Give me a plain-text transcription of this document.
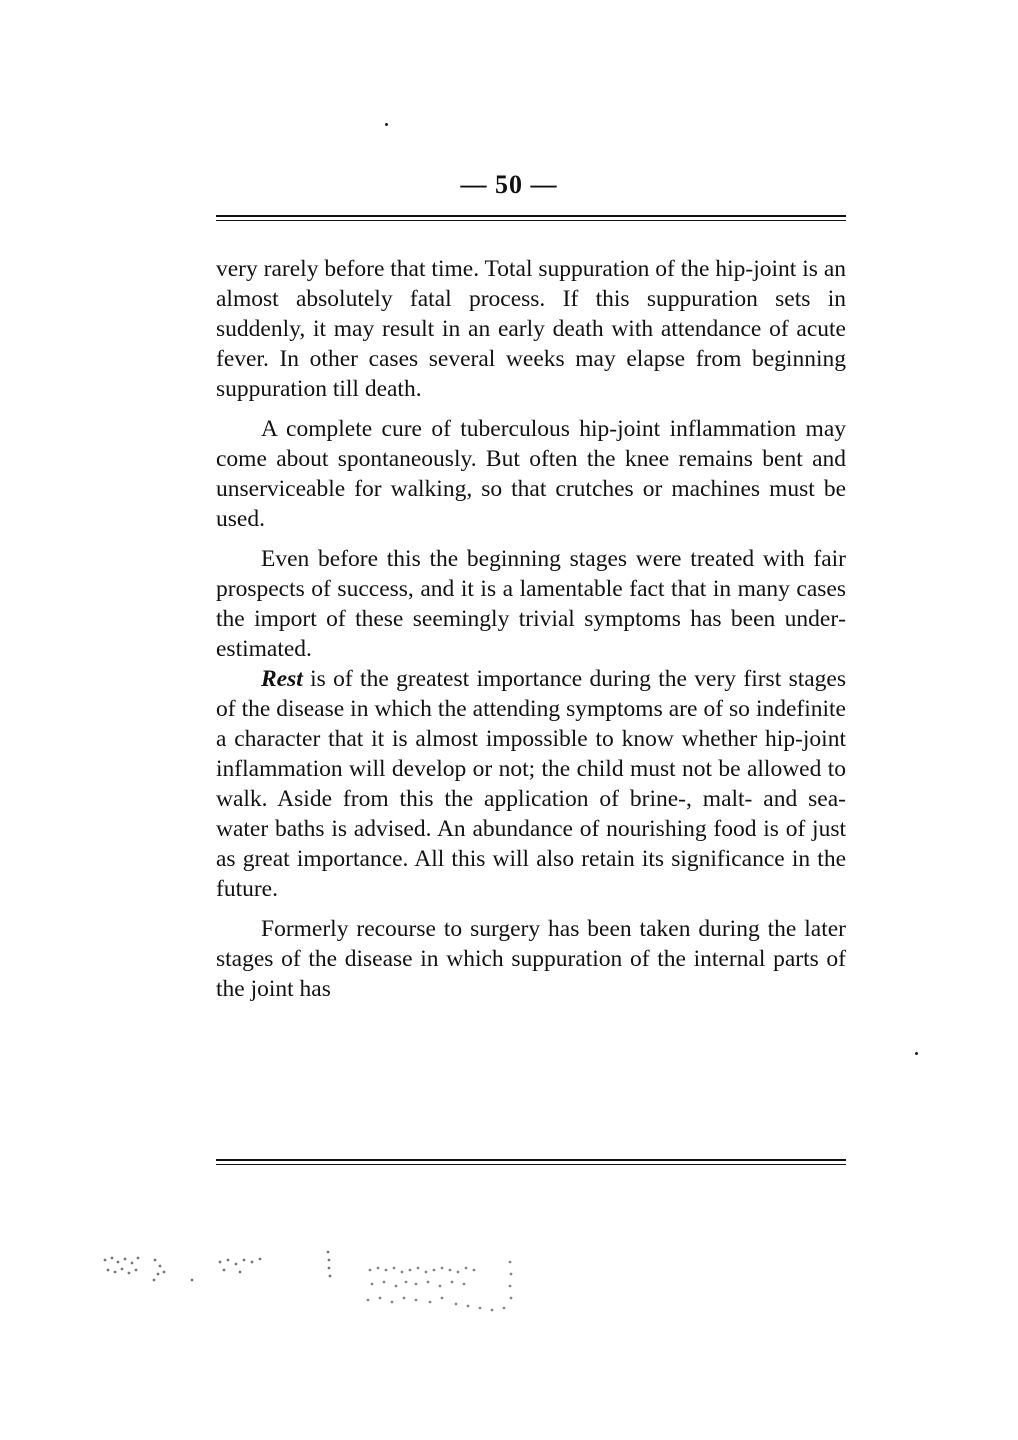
— 50 —

very rarely before that time. Total suppuration of the hip-joint is an almost absolutely fatal process. If this suppuration sets in suddenly, it may result in an early death with attendance of acute fever. In other cases several weeks may elapse from beginning suppuration till death.

A complete cure of tuberculous hip-joint inflammation may come about spontaneously. But often the knee remains bent and unserviceable for walking, so that crutches or machines must be used.

Even before this the beginning stages were treated with fair prospects of success, and it is a lamentable fact that in many cases the import of these seemingly trivial symptoms has been underestimated.

Rest is of the greatest importance during the very first stages of the disease in which the attending symptoms are of so indefinite a character that it is almost impossible to know whether hip-joint inflammation will develop or not; the child must not be allowed to walk. Aside from this the application of brine-, malt- and sea-water baths is advised. An abundance of nourishing food is of just as great importance. All this will also retain its significance in the future.

Formerly recourse to surgery has been taken during the later stages of the disease in which suppuration of the internal parts of the joint has
